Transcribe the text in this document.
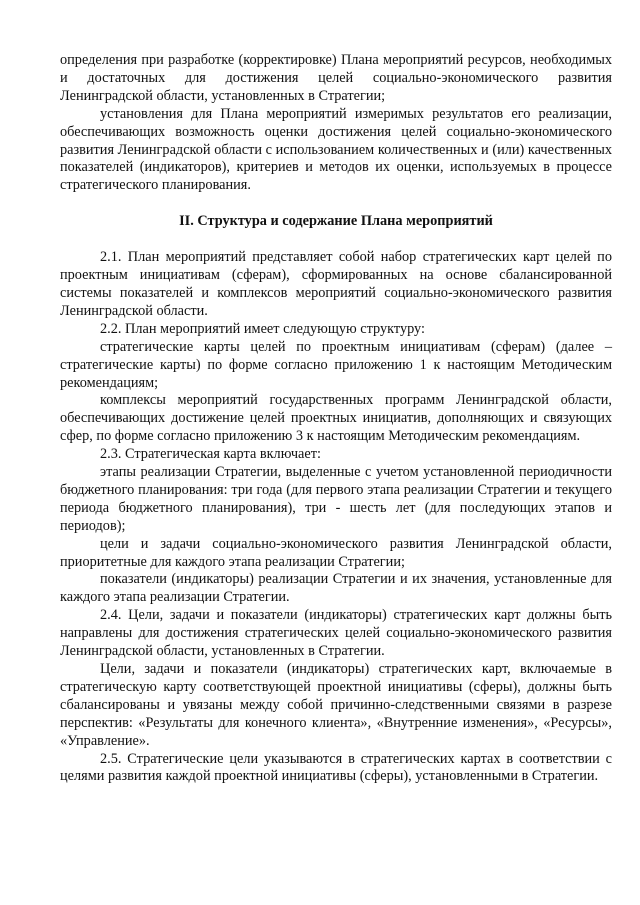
определения при разработке (корректировке) Плана мероприятий ресурсов, необходимых и достаточных для достижения целей социально-экономического развития Ленинградской области, установленных в Стратегии;

установления для Плана мероприятий измеримых результатов его реализации, обеспечивающих возможность оценки достижения целей социально-экономического развития Ленинградской области с использованием количественных и (или) качественных показателей (индикаторов), критериев и методов их оценки, используемых в процессе стратегического планирования.

II. Структура и содержание Плана мероприятий

2.1. План мероприятий представляет собой набор стратегических карт целей по проектным инициативам (сферам), сформированных на основе сбалансированной системы показателей и комплексов мероприятий социально-экономического развития Ленинградской области.

2.2. План мероприятий имеет следующую структуру:

стратегические карты целей по проектным инициативам (сферам) (далее – стратегические карты) по форме согласно приложению 1 к настоящим Методическим рекомендациям;

комплексы мероприятий государственных программ Ленинградской области, обеспечивающих достижение целей проектных инициатив, дополняющих и связующих сфер, по форме согласно приложению 3 к настоящим Методическим рекомендациям.

2.3. Стратегическая карта включает:

этапы реализации Стратегии, выделенные с учетом установленной периодичности бюджетного планирования: три года (для первого этапа реализации Стратегии и текущего периода бюджетного планирования), три - шесть лет (для последующих этапов и периодов);

цели и задачи социально-экономического развития Ленинградской области, приоритетные для каждого этапа реализации Стратегии;

показатели (индикаторы) реализации Стратегии и их значения, установленные для каждого этапа реализации Стратегии.

2.4. Цели, задачи и показатели (индикаторы) стратегических карт должны быть направлены для достижения стратегических целей социально-экономического развития Ленинградской области, установленных в Стратегии.

Цели, задачи и показатели (индикаторы) стратегических карт, включаемые в стратегическую карту соответствующей проектной инициативы (сферы), должны быть сбалансированы и увязаны между собой причинно-следственными связями в разрезе перспектив: «Результаты для конечного клиента», «Внутренние изменения», «Ресурсы», «Управление».

2.5. Стратегические цели указываются в стратегических картах в соответствии с целями развития каждой проектной инициативы (сферы), установленными в Стратегии.
